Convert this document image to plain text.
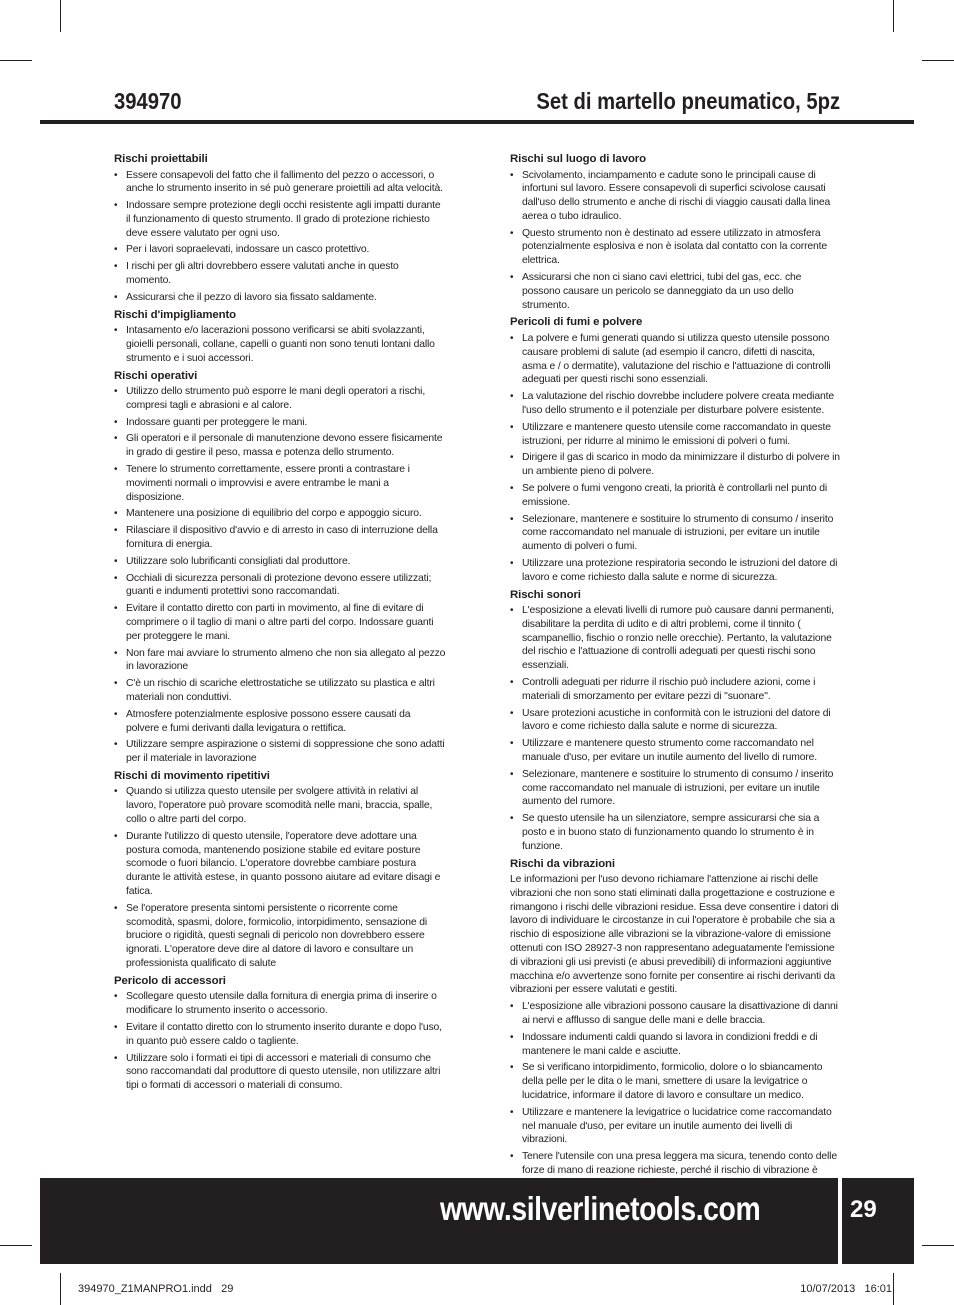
394970	Set di martello pneumatico, 5pz
Rischi proiettabili
• Essere consapevoli del fatto che il fallimento del pezzo o accessori, o anche lo strumento inserito in sé può generare proiettili ad alta velocità.
• Indossare sempre protezione degli occhi resistente agli impatti durante il funzionamento di questo strumento. Il grado di protezione richiesto deve essere valutato per ogni uso.
• Per i lavori sopraelevati, indossare un casco protettivo.
• I rischi per gli altri dovrebbero essere valutati anche in questo momento.
• Assicurarsi che il pezzo di lavoro sia fissato saldamente.
Rischi d'impigliamento
• Intasamento e/o lacerazioni possono verificarsi se abiti svolazzanti, gioielli personali, collane, capelli o guanti non sono tenuti lontani dallo strumento e i suoi accessori.
Rischi operativi
• Utilizzo dello strumento può esporre le mani degli operatori a rischi, compresi tagli e abrasioni e al calore.
• Indossare guanti per proteggere le mani.
• Gli operatori e il personale di manutenzione devono essere fisicamente in grado di gestire il peso, massa e potenza dello strumento.
• Tenere lo strumento correttamente, essere pronti a contrastare i movimenti normali o improvvisi e avere entrambe le mani a disposizione.
• Mantenere una posizione di equilibrio del corpo e appoggio sicuro.
• Rilasciare il dispositivo d'avvio e di arresto in caso di interruzione della fornitura di energia.
• Utilizzare solo lubrificanti consigliati dal produttore.
• Occhiali di sicurezza personali di protezione devono essere utilizzati; guanti e indumenti protettivi sono raccomandati.
• Evitare il contatto diretto con parti in movimento, al fine di evitare di comprimere o il taglio di mani o altre parti del corpo. Indossare guanti per proteggere le mani.
• Non fare mai avviare lo strumento almeno che non sia allegato al pezzo in lavorazione
• C'è un rischio di scariche elettrostatiche se utilizzato su plastica e altri materiali non conduttivi.
• Atmosfere potenzialmente esplosive possono essere causati da polvere e fumi derivanti dalla levigatura o rettifica.
• Utilizzare sempre aspirazione o sistemi di soppressione che sono adatti per il materiale in lavorazione
Rischi di movimento ripetitivi
• Quando si utilizza questo utensile per svolgere attività in relativi al lavoro, l'operatore può provare scomodità nelle mani, braccia, spalle, collo o altre parti del corpo.
• Durante l'utilizzo di questo utensile, l'operatore deve adottare una postura comoda, mantenendo posizione stabile ed evitare posture scomode o fuori bilancio. L'operatore dovrebbe cambiare postura durante le attività estese, in quanto possono aiutare ad evitare disagi e fatica.
• Se l'operatore presenta sintomi persistente o ricorrente come scomodità, spasmi, dolore, formicolio, intorpidimento, sensazione di bruciore o rigidità, questi segnali di pericolo non dovrebbero essere ignorati. L'operatore deve dire al datore di lavoro e consultare un professionista qualificato di salute
Pericolo di accessori
• Scollegare questo utensile dalla fornitura di energia prima di inserire o modificare lo strumento inserito o accessorio.
• Evitare il contatto diretto con lo strumento inserito durante e dopo l'uso, in quanto può essere caldo o tagliente.
• Utilizzare solo i formati ei tipi di accessori e materiali di consumo che sono raccomandati dal produttore di questo utensile, non utilizzare altri tipi o formati di accessori o materiali di consumo.
Rischi sul luogo di lavoro
• Scivolamento, inciampamento e cadute sono le principali cause di infortuni sul lavoro. Essere consapevoli di superfici scivolose causati dall'uso dello strumento e anche di rischi di viaggio causati dalla linea aerea o tubo idraulico.
• Questo strumento non è destinato ad essere utilizzato in atmosfera potenzialmente esplosiva e non è isolata dal contatto con la corrente elettrica.
• Assicurarsi che non ci siano cavi elettrici, tubi del gas, ecc. che possono causare un pericolo se danneggiato da un uso dello strumento.
Pericoli di fumi e polvere
• La polvere e fumi generati quando si utilizza questo utensile possono causare problemi di salute (ad esempio il cancro, difetti di nascita, asma e / o dermatite), valutazione del rischio e l'attuazione di controlli adeguati per questi rischi sono essenziali.
• La valutazione del rischio dovrebbe includere polvere creata mediante l'uso dello strumento e il potenziale per disturbare polvere esistente.
• Utilizzare e mantenere questo utensile come raccomandato in queste istruzioni, per ridurre al minimo le emissioni di polveri o fumi.
• Dirigere il gas di scarico in modo da minimizzare il disturbo di polvere in un ambiente pieno di polvere.
• Se polvere o fumi vengono creati, la priorità è controllarli nel punto di emissione.
• Selezionare, mantenere e sostituire lo strumento di consumo / inserito come raccomandato nel manuale di istruzioni, per evitare un inutile aumento di polveri o fumi.
• Utilizzare una protezione respiratoria secondo le istruzioni del datore di lavoro e come richiesto dalla salute e norme di sicurezza.
Rischi sonori
• L'esposizione a elevati livelli di rumore può causare danni permanenti, disabilitare la perdita di udito e di altri problemi, come il tinnito ( scampanellio, fischio o ronzio nelle orecchie). Pertanto, la valutazione del rischio e l'attuazione di controlli adeguati per questi rischi sono essenziali.
• Controlli adeguati per ridurre il rischio può includere azioni, come i materiali di smorzamento per evitare pezzi di "suonare".
• Usare protezioni acustiche in conformità con le istruzioni del datore di lavoro e come richiesto dalla salute e norme di sicurezza.
• Utilizzare e mantenere questo strumento come raccomandato nel manuale d'uso, per evitare un inutile aumento del livello di rumore.
• Selezionare, mantenere e sostituire lo strumento di consumo / inserito come raccomandato nel manuale di istruzioni, per evitare un inutile aumento del rumore.
• Se questo utensile ha un silenziatore, sempre assicurarsi che sia a posto e in buono stato di funzionamento quando lo strumento è in funzione.
Rischi da vibrazioni

Le informazioni per l'uso devono richiamare l'attenzione ai rischi delle vibrazioni che non sono stati eliminati dalla progettazione e costruzione e rimangono i rischi delle vibrazioni residue. Essa deve consentire i datori di lavoro di individuare le circostanze in cui l'operatore è probabile che sia a rischio di esposizione alle vibrazioni se la vibrazione-valore di emissione ottenuti con ISO 28927-3 non rappresentano adeguatamente l'emissione di vibrazioni gli usi previsti (e abusi prevedibili) di informazioni aggiuntive macchina e/o avvertenze sono fornite per consentire ai rischi derivanti da vibrazioni per essere valutati e gestiti.

• L'esposizione alle vibrazioni possono causare la disattivazione di danni ai nervi e afflusso di sangue delle mani e delle braccia.
• Indossare indumenti caldi quando si lavora in condizioni freddi e di mantenere le mani calde e asciutte.
• Se si verificano intorpidimento, formicolio, dolore o lo sbiancamento della pelle per le dita o le mani, smettere di usare la levigatrice o lucidatrice, informare il datore di lavoro e consultare un medico.
• Utilizzare e mantenere la levigatrice o lucidatrice come raccomandato nel manuale d'uso, per evitare un inutile aumento dei livelli di vibrazioni.
• Tenere l'utensile con una presa leggera ma sicura, tenendo conto delle forze di mano di reazione richieste, perché il rischio di vibrazione è
www.silverlinetools.com	29
394970_Z1MANPRO1.indd   29	10/07/2013   16:01
